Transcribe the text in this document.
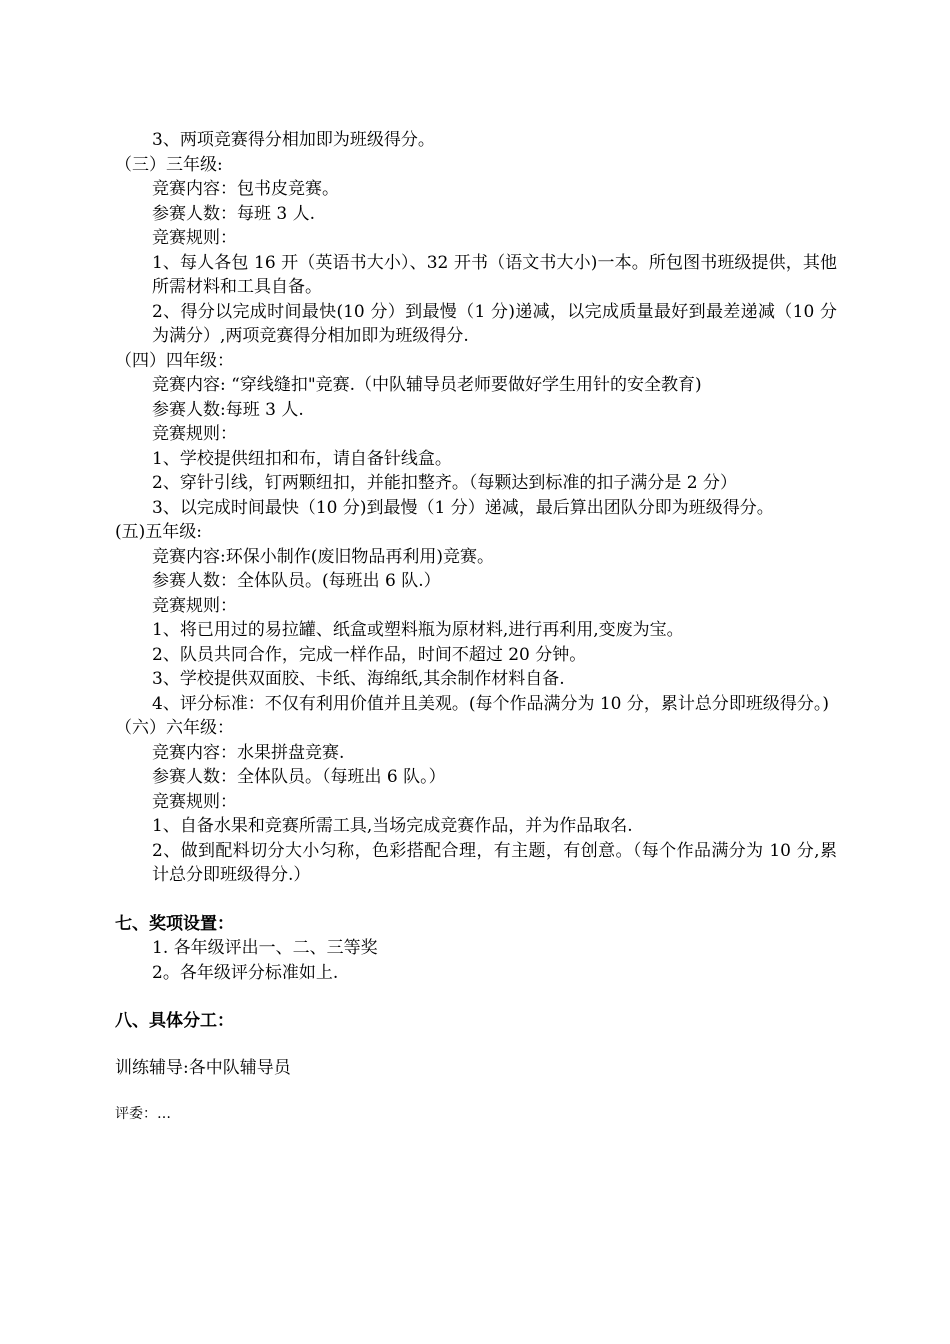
3、两项竞赛得分相加即为班级得分。
（三）三年级:
竞赛内容：包书皮竞赛。
参赛人数：每班 3 人.
竞赛规则：
1、每人各包 16 开（英语书大小）、32 开书（语文书大小)一本。所包图书班级提供，其他所需材料和工具自备。
2、得分以完成时间最快(10 分）到最慢（1 分)递减，以完成质量最好到最差递减（10 分为满分）,两项竞赛得分相加即为班级得分.
（四）四年级：
竞赛内容: “穿线缝扣"竞赛.（中队辅导员老师要做好学生用针的安全教育)
参赛人数:每班 3 人.
竞赛规则：
1、学校提供纽扣和布，请自备针线盒。
2、穿针引线，钉两颗纽扣，并能扣整齐。（每颗达到标准的扣子满分是 2 分）
3、以完成时间最快（10 分)到最慢（1 分）递减，最后算出团队分即为班级得分。
(五)五年级:
竞赛内容:环保小制作(废旧物品再利用)竞赛。
参赛人数：全体队员。(每班出 6 队.）
竞赛规则：
1、将已用过的易拉罐、纸盒或塑料瓶为原材料,进行再利用,变废为宝。
2、队员共同合作，完成一样作品，时间不超过 20 分钟。
3、学校提供双面胶、卡纸、海绵纸,其余制作材料自备.
4、评分标准：不仅有利用价值并且美观。(每个作品满分为 10 分，累计总分即班级得分。)
（六）六年级：
竞赛内容：水果拼盘竞赛.
参赛人数：全体队员。（每班出 6 队。）
竞赛规则：
1、自备水果和竞赛所需工具,当场完成竞赛作品，并为作品取名.
2、做到配料切分大小匀称，色彩搭配合理，有主题，有创意。（每个作品满分为 10 分,累计总分即班级得分.）
七、奖项设置：
1. 各年级评出一、二、三等奖
2。各年级评分标准如上.
八、具体分工：
训练辅导:各中队辅导员
评委：…
